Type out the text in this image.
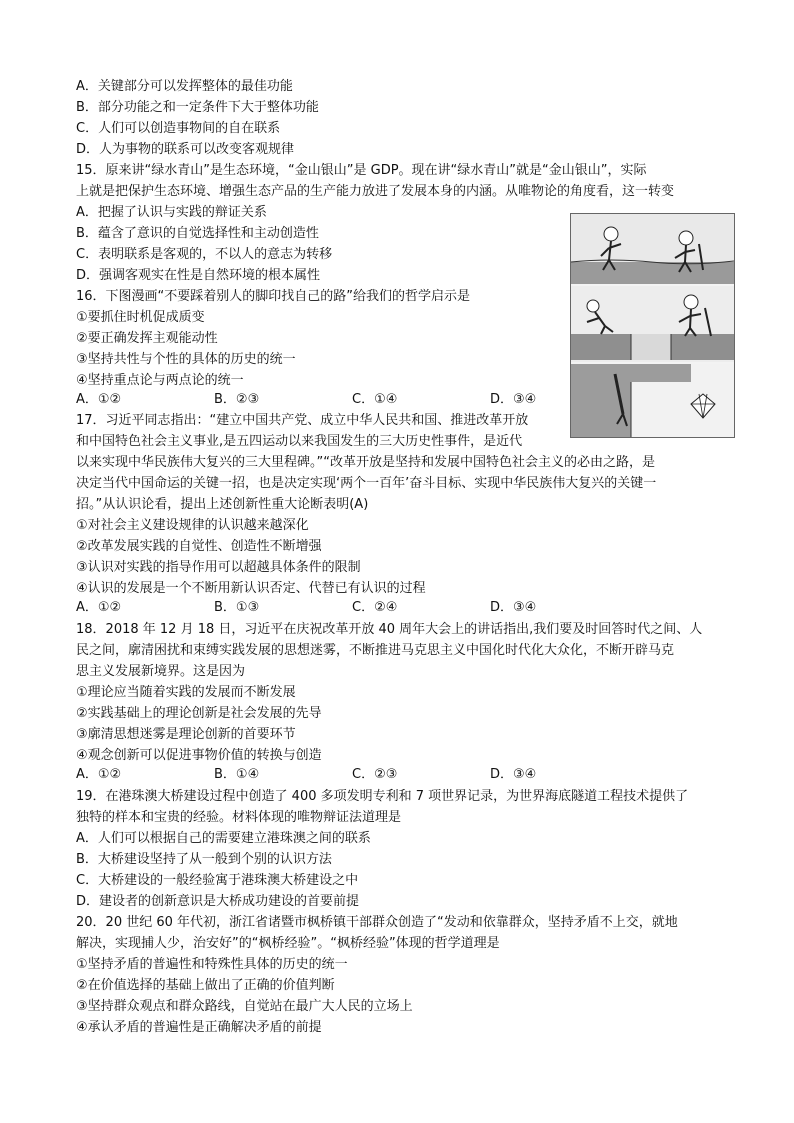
A．关键部分可以发挥整体的最佳功能
B．部分功能之和一定条件下大于整体功能
C．人们可以创造事物间的自在联系
D．人为事物的联系可以改变客观规律
15．原来讲“绿水青山”是生态环境，“金山银山”是 GDP。现在讲“绿水青山”就是“金山银山”，实际
上就是把保护生态环境、增强生态产品的生产能力放进了发展本身的内涵。从唯物论的角度看，这一转变
A．把握了认识与实践的辩证关系
B．蕴含了意识的自觉选择性和主动创造性
C．表明联系是客观的，不以人的意志为转移
D．强调客观实在性是自然环境的根本属性
16．下图漫画“不要踩着别人的脚印找自己的路”给我们的哲学启示是
①要抓住时机促成质变
②要正确发挥主观能动性
③坚持共性与个性的具体的历史的统一
④坚持重点论与两点论的统一
A．①②	B．②③	C．①④	D．③④
17．习近平同志指出：“建立中国共产党、成立中华人民共和国、推进改革开放
和中国特色社会主义事业,是五四运动以来我国发生的三大历史性事件，是近代
以来实现中华民族伟大复兴的三大里程碑。”“改革开放是坚持和发展中国特色社会主义的必由之路，是
决定当代中国命运的关键一招，也是决定实现‘两个一百年’奋斗目标、实现中华民族伟大复兴的关键一
招。”从认识论看，提出上述创新性重大论断表明(A)
①对社会主义建设规律的认识越来越深化
②改革发展实践的自觉性、创造性不断增强
③认识对实践的指导作用可以超越具体条件的限制
④认识的发展是一个不断用新认识否定、代替已有认识的过程
A．①②	B．①③	C．②④	D．③④
18．2018 年 12 月 18 日，习近平在庆祝改革开放 40 周年大会上的讲话指出,我们要及时回答时代之间、人
民之间，廓清困扰和束缚实践发展的思想迷雾，不断推进马克思主义中国化时代化大众化，不断开辟马克
思主义发展新境界。这是因为
①理论应当随着实践的发展而不断发展
②实践基础上的理论创新是社会发展的先导
③廓清思想迷雾是理论创新的首要环节
④观念创新可以促进事物价值的转换与创造
A．①②	B．①④	C．②③	D．③④
19．在港珠澳大桥建设过程中创造了 400 多项发明专利和 7 项世界记录，为世界海底隧道工程技术提供了
独特的样本和宝贵的经验。材料体现的唯物辩证法道理是
A．人们可以根据自己的需要建立港珠澳之间的联系
B．大桥建设坚持了从一般到个别的认识方法
C．大桥建设的一般经验寓于港珠澳大桥建设之中
D．建设者的创新意识是大桥成功建设的首要前提
20．20 世纪 60 年代初，浙江省诸暨市枫桥镇干部群众创造了“发动和依靠群众，坚持矛盾不上交，就地
解决，实现捕人少，治安好”的“枫桥经验”。“枫桥经验”体现的哲学道理是
①坚持矛盾的普遍性和特殊性具体的历史的统一
②在价值选择的基础上做出了正确的价值判断
③坚持群众观点和群众路线，自觉站在最广大人民的立场上
④承认矛盾的普遍性是正确解决矛盾的前提
